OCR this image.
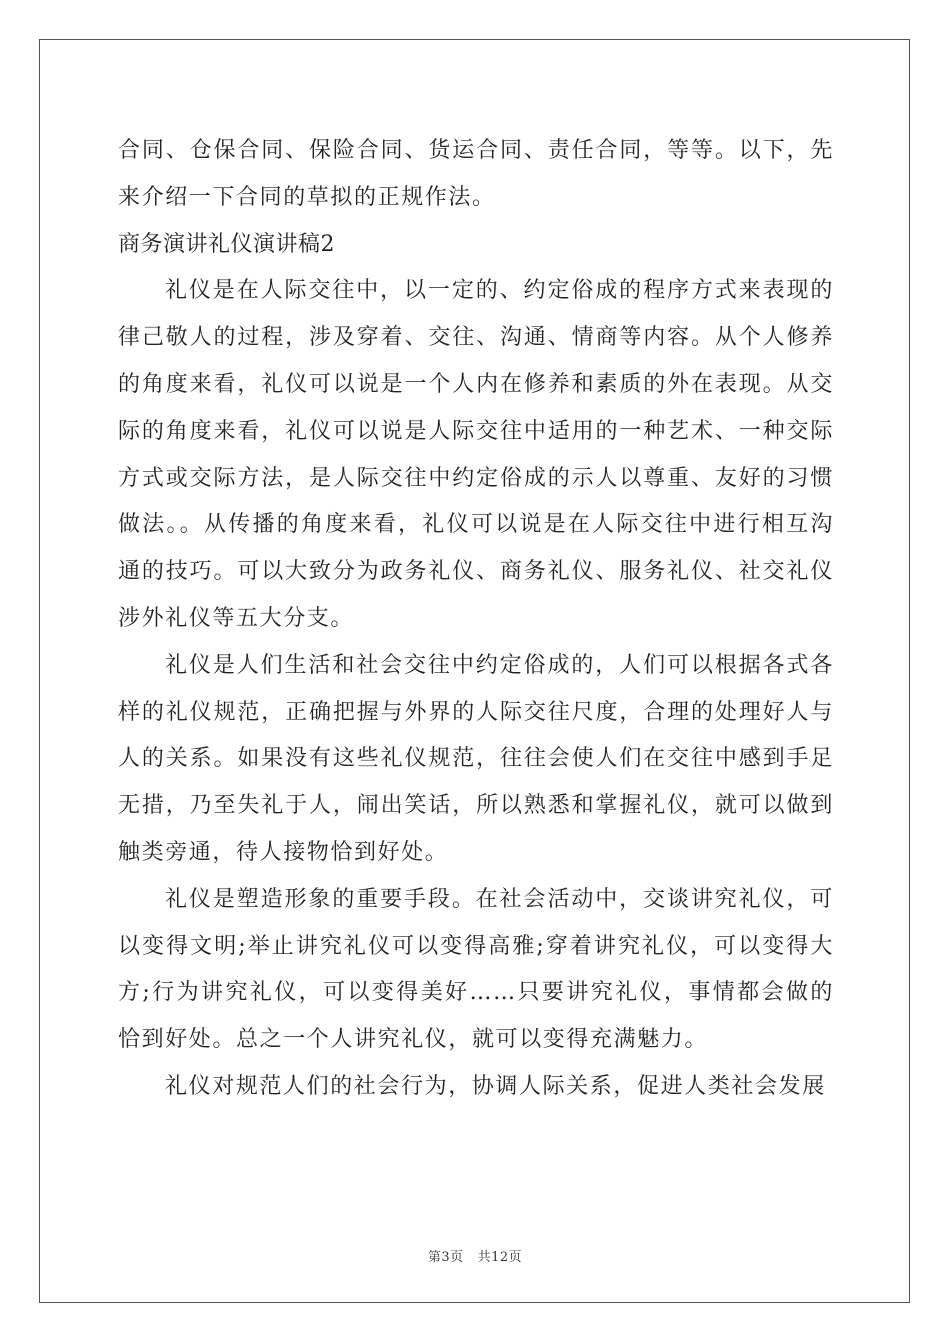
合同、仓保合同、保险合同、货运合同、责任合同，等等。以下，先来介绍一下合同的草拟的正规作法。

商务演讲礼仪演讲稿2

礼仪是在人际交往中，以一定的、约定俗成的程序方式来表现的律己敬人的过程，涉及穿着、交往、沟通、情商等内容。从个人修养的角度来看，礼仪可以说是一个人内在修养和素质的外在表现。从交际的角度来看，礼仪可以说是人际交往中适用的一种艺术、一种交际方式或交际方法，是人际交往中约定俗成的示人以尊重、友好的习惯做法。。从传播的角度来看，礼仪可以说是在人际交往中进行相互沟通的技巧。可以大致分为政务礼仪、商务礼仪、服务礼仪、社交礼仪涉外礼仪等五大分支。

礼仪是人们生活和社会交往中约定俗成的，人们可以根据各式各样的礼仪规范，正确把握与外界的人际交往尺度，合理的处理好人与人的关系。如果没有这些礼仪规范，往往会使人们在交往中感到手足无措，乃至失礼于人，闹出笑话，所以熟悉和掌握礼仪，就可以做到触类旁通，待人接物恰到好处。

礼仪是塑造形象的重要手段。在社会活动中，交谈讲究礼仪，可以变得文明;举止讲究礼仪可以变得高雅;穿着讲究礼仪，可以变得大方;行为讲究礼仪，可以变得美好……只要讲究礼仪，事情都会做的恰到好处。总之一个人讲究礼仪，就可以变得充满魅力。

礼仪对规范人们的社会行为，协调人际关系，促进人类社会发展

第3页 共12页
